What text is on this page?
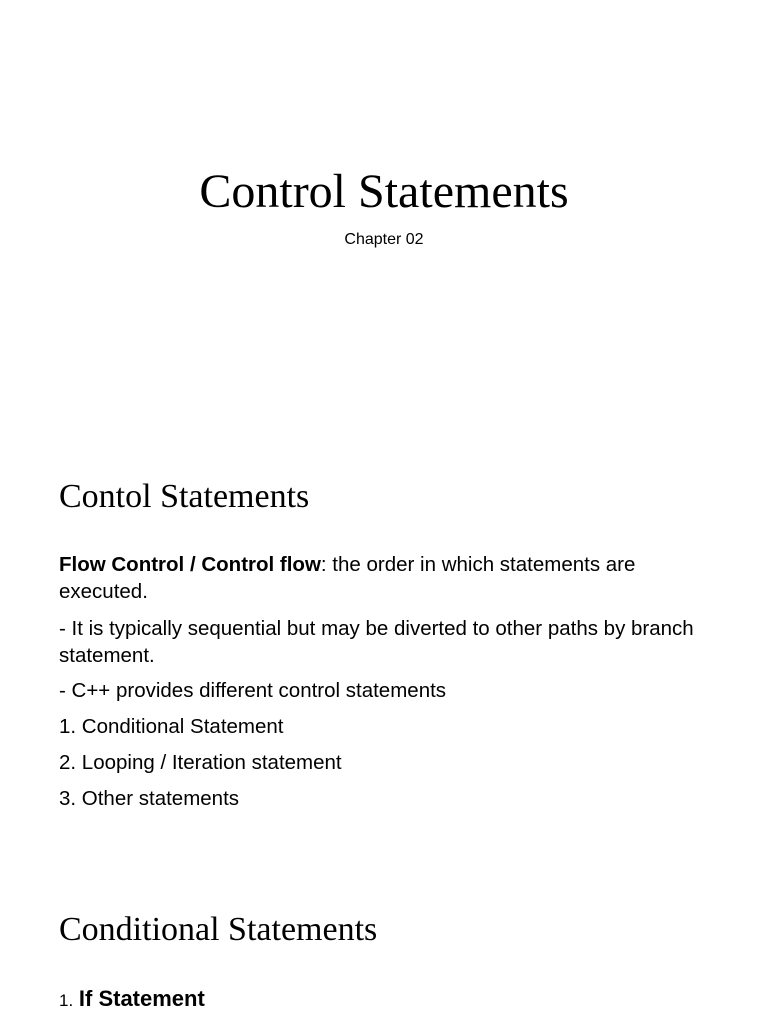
Control Statements

Chapter 02

Contol Statements

Flow Control / Control flow: the order in which statements are executed.

- It is typically sequential but may be diverted to other paths by branch statement.

- C++ provides different control statements

1. Conditional Statement

2. Looping / Iteration statement

3. Other statements

Conditional Statements

1. If Statement
